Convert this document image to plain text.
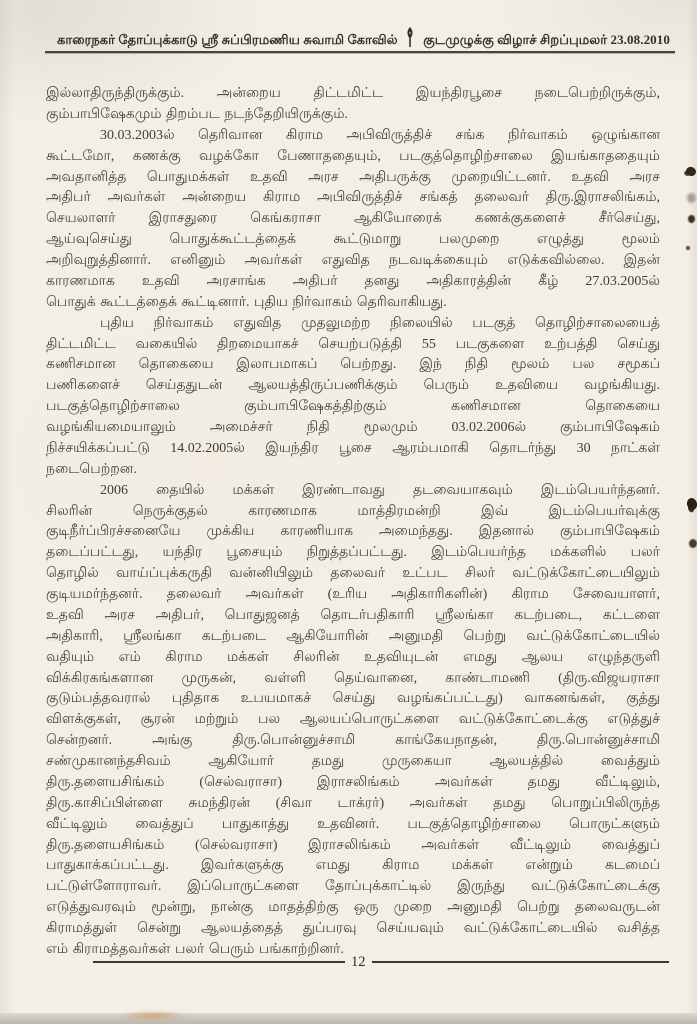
காரைநகர் தோப்புக்காடு ஸ்ரீ சுப்பிரமணிய சுவாமி கோவில் குடமுழுக்கு விழாச் சிறப்புமலர் 23.08.2010
இல்லாதிருந்திருக்கும். அன்றைய திட்டமிட்ட இயந்திரபூசை நடைபெற்றிருக்கும்,
கும்பாபிஷேகமும் திறம்பட நடந்தேறியிருக்கும்.
30.03.2003ல் தெரிவான கிராம அபிவிருத்திச் சங்க நிர்வாகம் ஒழுங்கான
கூட்டமோ, கணக்கு வழக்கோ பேணாததையும், படகுத்தொழிற்சாலை இயங்காததையும்
அவதானித்த பொதுமக்கள் உதவி அரச அதிபருக்கு முறையிட்டனர். உதவி அரச
அதிபர் அவர்கள் அன்றைய கிராம அபிவிருத்திச் சங்கத் தலைவர் திரு.இராசலிங்கம்,
செயலாளர் இராசதுரை கெங்கராசா ஆகியோரைக் கணக்குகளைச் சீர்செய்து,
ஆய்வுசெய்து பொதுக்கூட்டத்தைக் கூட்டுமாறு பலமுறை எழுத்து மூலம்
அறிவுறுத்தினார். எனினும் அவர்கள் எதுவித நடவடிக்கையும் எடுக்கவில்லை. இதன்
காரணமாக உதவி அரசாங்க அதிபர் தனது அதிகாரத்தின் கீழ் 27.03.2005ல்
பொதுக் கூட்டத்தைக் கூட்டினார். புதிய நிர்வாகம் தெரிவாகியது.
புதிய நிர்வாகம் எதுவித முதலுமற்ற நிலையில் படகுத் தொழிற்சாலையைத்
திட்டமிட்ட வகையில் திறமையாகச் செயற்படுத்தி 55 படகுகளை உற்பத்தி செய்து
கணிசமான தொகையை இலாபமாகப் பெற்றது. இந் நிதி மூலம் பல சமூகப்
பணிகளைச் செய்ததுடன் ஆலயத்திருப்பணிக்கும் பெரும் உதவியை வழங்கியது.
படகுத்தொழிற்சாலை கும்பாபிஷேகத்திற்கும் கணிசமான தொகையை
வழங்கியமையாலும் அமைச்சர் நிதி மூலமும் 03.02.2006ல் கும்பாபிஷேகம்
நிச்சயிக்கப்பட்டு 14.02.2005ல் இயந்திர பூசை ஆரம்பமாகி தொடர்ந்து 30 நாட்கள்
நடைபெற்றன.
2006 தையில் மக்கள் இரண்டாவது தடவையாகவும் இடம்பெயர்ந்தனர்.
சிலரின் நெருக்குதல் காரணமாக மாத்திரமன்றி இவ் இடம்பெயர்வுக்கு
குடிநீர்ப்பிரச்சனையே முக்கிய காரணியாக அமைந்தது. இதனால் கும்பாபிஷேகம்
தடைப்பட்டது, யந்திர பூசையும் நிறுத்தப்பட்டது. இடம்பெயர்ந்த மக்களில் பலர்
தொழில் வாய்ப்புக்கருதி வன்னியிலும் தலைவர் உட்பட சிலர் வட்டுக்கோட்டையிலும்
குடியமர்ந்தனர். தலைவர் அவர்கள் (உரிய அதிகாரிகளின்) கிராம சேவையாளர்,
உதவி அரச அதிபர், பொதுஜனத் தொடர்பதிகாரி ஸ்ரீலங்கா கடற்படை, கட்டளை
அதிகாரி, ஸ்ரீலங்கா கடற்படை ஆகியோரின் அனுமதி பெற்று வட்டுக்கோட்டையில்
வதியும் எம் கிராம மக்கள் சிலரின் உதவியுடன் எமது ஆலய எழுந்தருளி
விக்கிரகங்களான முருகன், வள்ளி தெய்வானை, காண்டாமணி (திரு.விஜயராசா
குடும்பத்தவரால் புதிதாக உபயமாகச் செய்து வழங்கப்பட்டது) வாகனங்கள், குத்து
விளக்குகள், சூரன் மற்றும் பல ஆலயப்பொருட்களை வட்டுக்கோட்டைக்கு எடுத்துச்
சென்றனர். அங்கு திரு.பொன்னுச்சாமி காங்கேயநாதன், திரு.பொன்னுச்சாமி
சண்முகானந்தசிவம் ஆகியோர் தமது முருகையா ஆலயத்தில் வைத்தும்
திரு.தளையசிங்கம் (செல்வராசா) இராசலிங்கம் அவர்கள் தமது வீட்டிலும்,
திரு.காசிப்பிள்ளை சுமந்திரன் (சிவா டாக்ரர்) அவர்கள் தமது பொறுப்பிலிருந்த
வீட்டிலும் வைத்துப் பாதுகாத்து உதவினர். படகுத்தொழிற்சாலை பொருட்களும்
திரு.தளையசிங்கம் (செல்வராசா) இராசலிங்கம் அவர்கள் வீட்டிலும் வைத்துப்
பாதுகாக்கப்பட்டது. இவர்களுக்கு எமது கிராம மக்கள் என்றும் கடமைப்
பட்டுள்ளோராவர். இப்பொருட்களை தோப்புக்காட்டில் இருந்து வட்டுக்கோட்டைக்கு
எடுத்துவரவும் மூன்று, நான்கு மாதத்திற்கு ஒரு முறை அனுமதி பெற்று தலைவருடன்
கிராமத்துள் சென்று ஆலயத்தைத் துப்பரவு செய்யவும் வட்டுக்கோட்டையில் வசித்த
எம் கிராமத்தவர்கள் பலர் பெரும் பங்காற்றினர்.
12
